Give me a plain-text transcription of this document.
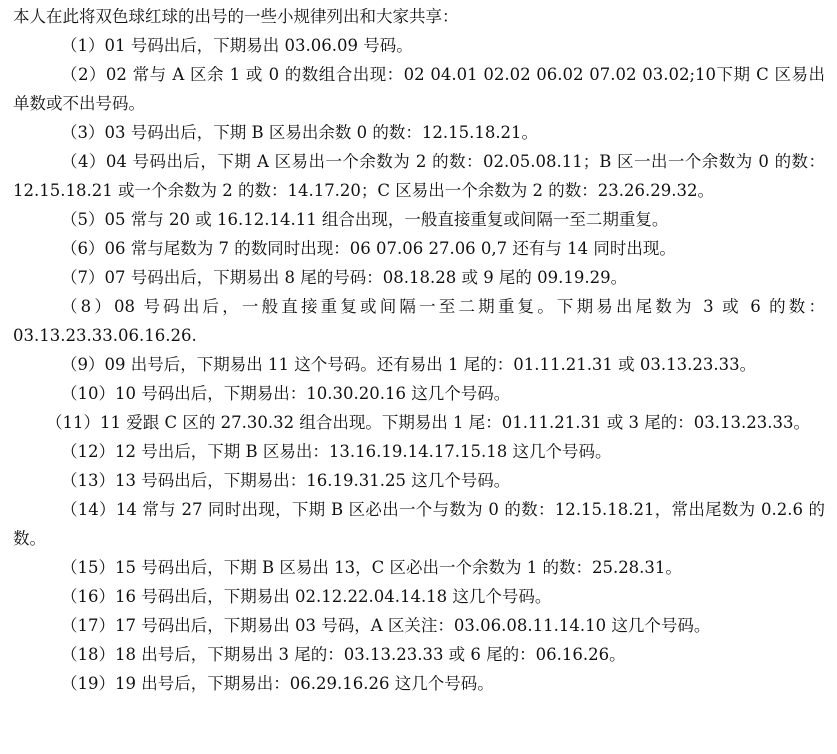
本人在此将双色球红球的出号的一些小规律列出和大家共享：

（1）01 号码出后，下期易出 03.06.09 号码。

（2）02 常与 A 区余 1 或 0 的数组合出现：02 04.01 02.02 06.02 07.02 03.02;10下期 C 区易出单数或不出号码。

（3）03 号码出后，下期 B 区易出余数 0 的数：12.15.18.21。

（4）04 号码出后，下期 A 区易出一个余数为 2 的数：02.05.08.11；B 区一出一个余数为 0 的数：12.15.18.21 或一个余数为 2 的数：14.17.20；C 区易出一个余数为 2 的数：23.26.29.32。

（5）05 常与 20 或 16.12.14.11 组合出现，一般直接重复或间隔一至二期重复。

（6）06 常与尾数为 7 的数同时出现：06 07.06 27.06 0,7 还有与 14 同时出现。

（7）07 号码出后，下期易出 8 尾的号码：08.18.28 或 9 尾的 09.19.29。

（8）08 号码出后，一般直接重复或间隔一至二期重复。下期易出尾数为 3 或 6 的数：03.13.23.33.06.16.26.

（9）09 出号后，下期易出 11 这个号码。还有易出 1 尾的：01.11.21.31 或 03.13.23.33。

（10）10 号码出后，下期易出：10.30.20.16 这几个号码。

（11）11 爱跟 C 区的 27.30.32 组合出现。下期易出 1 尾：01.11.21.31 或 3 尾的：03.13.23.33。

（12）12 号出后，下期 B 区易出：13.16.19.14.17.15.18 这几个号码。

（13）13 号码出后，下期易出：16.19.31.25 这几个号码。

（14）14 常与 27 同时出现，下期 B 区必出一个与数为 0 的数：12.15.18.21，常出尾数为 0.2.6 的数。

（15）15 号码出后，下期 B 区易出 13，C 区必出一个余数为 1 的数：25.28.31。

（16）16 号码出后，下期易出 02.12.22.04.14.18 这几个号码。

（17）17 号码出后，下期易出 03 号码，A 区关注：03.06.08.11.14.10 这几个号码。

（18）18 出号后，下期易出 3 尾的：03.13.23.33 或 6 尾的：06.16.26。

（19）19 出号后，下期易出：06.29.16.26 这几个号码。
